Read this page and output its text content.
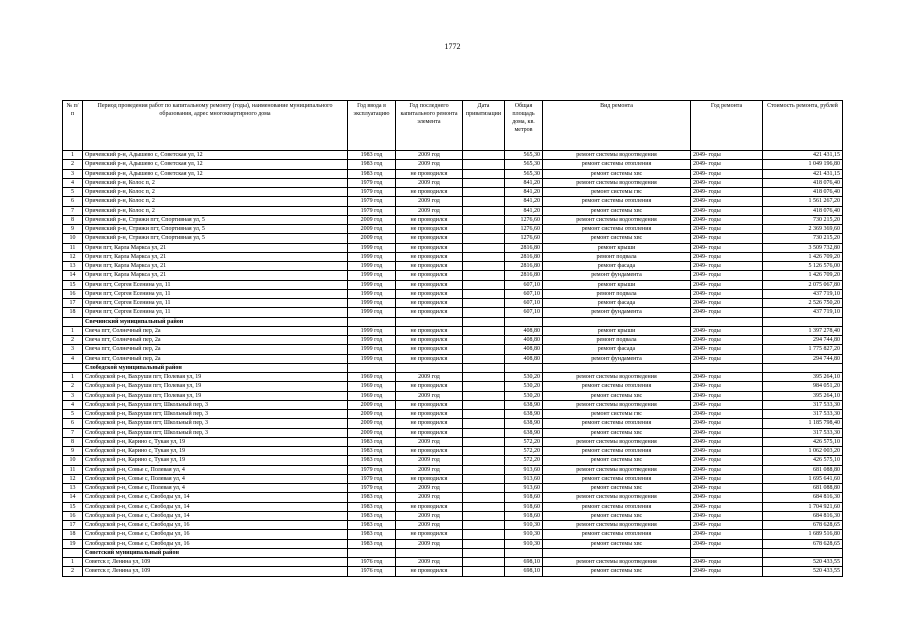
1772
№ п/п	Период проведения работ по капитальному ремонту (годы), наименование муниципального образования, адрес многоквартирного дома	Год ввода в эксплуатацию	Год последнего капитального ремонта элемента	Дата приватизации	Общая площадь дома, кв. метров	Вид ремонта	Год ремонта	Стоимость ремонта, рублей
1	Оричевский р-н, Адышево с, Советская ул, 12	1983 год	2009 год		565,30	ремонт системы водоотведения	2049- годы	421 431,15
2	Оричевский р-н, Адышево с, Советская ул, 12	1983 год	2009 год		565,30	ремонт системы отопления	2049- годы	1 049 196,80
3	Оричевский р-н, Адышево с, Советская ул, 12	1983 год	не проводился		565,30	ремонт системы хвс	2049- годы	421 431,15
4	Оричевский р-н, Колос п, 2	1979 год	2009 год		841,20	ремонт системы водоотведения	2049- годы	418 076,40
5	Оричевский р-н, Колос п, 2	1979 год	не проводился		841,20	ремонт системы гвс	2049- годы	418 076,40
6	Оричевский р-н, Колос п, 2	1979 год	2009 год		841,20	ремонт системы отопления	2049- годы	1 561 267,20
7	Оричевский р-н, Колос п, 2	1979 год	2009 год		841,20	ремонт системы хвс	2049- годы	418 076,40
8	Оричевский р-н, Стрижи пгт, Спортивная ул, 5	2009 год	не проводился		1276,60	ремонт системы водоотведения	2049- годы	730 215,20
9	Оричевский р-н, Стрижи пгт, Спортивная ул, 5	2009 год	не проводился		1276,60	ремонт системы отопления	2049- годы	2 369 369,60
10	Оричевский р-н, Стрижи пгт, Спортивная ул, 5	2009 год	не проводился		1276,60	ремонт системы хвс	2049- годы	730 215,20
11	Оричи пгт, Карла Маркса ул, 21	1999 год	не проводился		2816,80	ремонт крыши	2049- годы	3 509 732,80
12	Оричи пгт, Карла Маркса ул, 21	1999 год	не проводился		2816,80	ремонт подвала	2049- годы	1 426 709,20
13	Оричи пгт, Карла Маркса ул, 21	1999 год	не проводился		2816,80	ремонт фасада	2049- годы	5 126 576,00
14	Оричи пгт, Карла Маркса ул, 21	1999 год	не проводился		2816,80	ремонт фундамента	2049- годы	1 426 709,20
15	Оричи пгт, Сергея Есенина ул, 11	1999 год	не проводился		607,10	ремонт крыши	2049- годы	2 075 067,80
16	Оричи пгт, Сергея Есенина ул, 11	1999 год	не проводился		607,10	ремонт подвала	2049- годы	437 719,10
17	Оричи пгт, Сергея Есенина ул, 11	1999 год	не проводился		607,10	ремонт фасада	2049- годы	2 526 750,20
18	Оричи пгт, Сергея Есенина ул, 11	1999 год	не проводился		607,10	ремонт фундамента	2049- годы	437 719,10
	Свечинский муниципальный район							
1	Свеча пгт, Солнечный пер, 2а	1999 год	не проводился		408,80	ремонт крыши	2049- годы	1 397 278,40
2	Свеча пгт, Солнечный пер, 2а	1999 год	не проводился		408,80	ремонт подвала	2049- годы	294 744,80
3	Свеча пгт, Солнечный пер, 2а	1999 год	не проводился		408,80	ремонт фасада	2049- годы	1 775 827,20
4	Свеча пгт, Солнечный пер, 2а	1999 год	не проводился		408,80	ремонт фундамента	2049- годы	294 744,80
	Слободской муниципальный район							
1	Слободской р-н, Вахруши пгт, Полевая ул, 19	1969 год	2009 год		530,20	ремонт системы водоотведения	2049- годы	395 264,10
2	Слободской р-н, Вахруши пгт, Полевая ул, 19	1969 год	не проводился		530,20	ремонт системы отопления	2049- годы	984 051,20
3	Слободской р-н, Вахруши пгт, Полевая ул, 19	1969 год	2009 год		530,20	ремонт системы хвс	2049- годы	395 264,10
4	Слободской р-н, Вахруши пгт, Школьный пер, 3	2009 год	не проводился		638,90	ремонт системы водоотведения	2049- годы	317 533,30
5	Слободской р-н, Вахруши пгт, Школьный пер, 3	2009 год	не проводился		638,90	ремонт системы гвс	2049- годы	317 533,30
6	Слободской р-н, Вахруши пгт, Школьный пер, 3	2009 год	не проводился		638,90	ремонт системы отопления	2049- годы	1 185 798,40
7	Слободской р-н, Вахруши пгт, Школьный пер, 3	2009 год	не проводился		638,90	ремонт системы хвс	2049- годы	317 533,30
8	Слободской р-н, Карино с, Тукая ул, 19	1983 год	2009 год		572,20	ремонт системы водоотведения	2049- годы	426 575,10
9	Слободской р-н, Карино с, Тукая ул, 19	1983 год	не проводился		572,20	ремонт системы отопления	2049- годы	1 062 003,20
10	Слободской р-н, Карино с, Тукая ул, 19	1983 год	2009 год		572,20	ремонт системы хвс	2049- годы	426 575,10
11	Слободской р-н, Совье с, Полевая ул, 4	1979 год	2009 год		913,60	ремонт системы водоотведения	2049- годы	681 088,80
12	Слободской р-н, Совье с, Полевая ул, 4	1979 год	не проводился		913,60	ремонт системы отопления	2049- годы	1 695 641,60
13	Слободской р-н, Совье с, Полевая ул, 4	1979 год	2009 год		913,60	ремонт системы хвс	2049- годы	681 088,80
14	Слободской р-н, Совье с, Свободы ул, 14	1983 год	2009 год		918,60	ремонт системы водоотведения	2049- годы	684 816,30
15	Слободской р-н, Совье с, Свободы ул, 14	1983 год	не проводился		918,60	ремонт системы отопления	2049- годы	1 704 921,60
16	Слободской р-н, Совье с, Свободы ул, 14	1983 год	2009 год		918,60	ремонт системы хвс	2049- годы	684 816,30
17	Слободской р-н, Совье с, Свободы ул, 16	1983 год	2009 год		910,30	ремонт системы водоотведения	2049- годы	678 628,65
18	Слободской р-н, Совье с, Свободы ул, 16	1983 год	не проводился		910,30	ремонт системы отопления	2049- годы	1 689 516,80
19	Слободской р-н, Совье с, Свободы ул, 16	1983 год	2009 год		910,30	ремонт системы хвс	2049- годы	678 628,65
	Советский муниципальный район							
1	Советск г, Ленина ул, 109	1976 год	2009 год		698,10	ремонт системы водоотведения	2049- годы	520 433,55
2	Советск г, Ленина ул, 109	1976 год	не проводился		698,10	ремонт системы хвс	2049- годы	520 433,55
